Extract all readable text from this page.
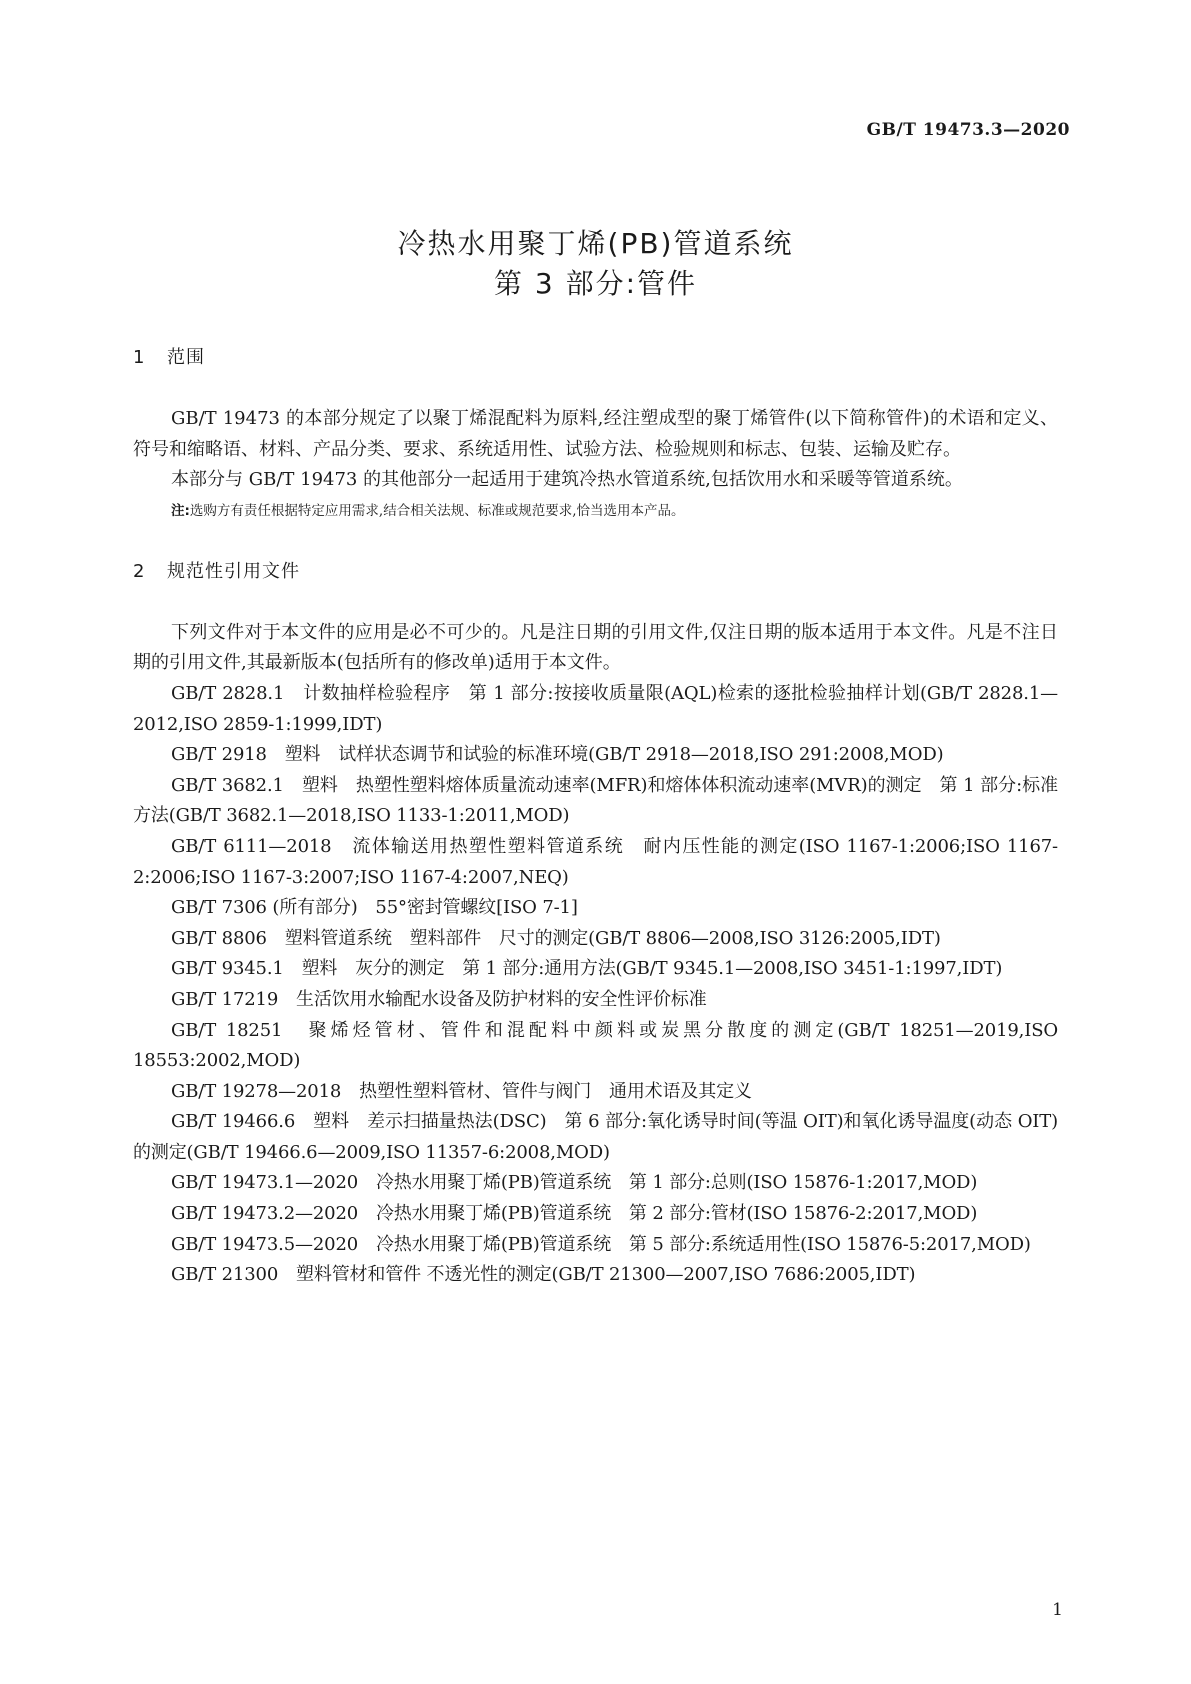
GB/T 19473.3—2020
冷热水用聚丁烯(PB)管道系统
第 3 部分:管件
1 范围

GB/T 19473 的本部分规定了以聚丁烯混配料为原料,经注塑成型的聚丁烯管件(以下简称管件)的术语和定义、符号和缩略语、材料、产品分类、要求、系统适用性、试验方法、检验规则和标志、包装、运输及贮存。

本部分与 GB/T 19473 的其他部分一起适用于建筑冷热水管道系统,包括饮用水和采暖等管道系统。

注:选购方有责任根据特定应用需求,结合相关法规、标准或规范要求,恰当选用本产品。

2 规范性引用文件

下列文件对于本文件的应用是必不可少的。凡是注日期的引用文件,仅注日期的版本适用于本文件。凡是不注日期的引用文件,其最新版本(包括所有的修改单)适用于本文件。

GB/T 2828.1　计数抽样检验程序　第 1 部分:按接收质量限(AQL)检索的逐批检验抽样计划(GB/T 2828.1—2012,ISO 2859-1:1999,IDT)

GB/T 2918　塑料　试样状态调节和试验的标准环境(GB/T 2918—2018,ISO 291:2008,MOD)

GB/T 3682.1　塑料　热塑性塑料熔体质量流动速率(MFR)和熔体体积流动速率(MVR)的测定　第 1 部分:标准方法(GB/T 3682.1—2018,ISO 1133-1:2011,MOD)

GB/T 6111—2018　流体输送用热塑性塑料管道系统　耐内压性能的测定(ISO 1167-1:2006;ISO 1167-2:2006;ISO 1167-3:2007;ISO 1167-4:2007,NEQ)

GB/T 7306 (所有部分)　55°密封管螺纹[ISO 7-1]

GB/T 8806　塑料管道系统　塑料部件　尺寸的测定(GB/T 8806—2008,ISO 3126:2005,IDT)

GB/T 9345.1　塑料　灰分的测定　第 1 部分:通用方法(GB/T 9345.1—2008,ISO 3451-1:1997,IDT)

GB/T 17219　生活饮用水输配水设备及防护材料的安全性评价标准

GB/T 18251　聚烯烃管材、管件和混配料中颜料或炭黑分散度的测定(GB/T 18251—2019,ISO 18553:2002,MOD)

GB/T 19278—2018　热塑性塑料管材、管件与阀门　通用术语及其定义

GB/T 19466.6　塑料　差示扫描量热法(DSC)　第 6 部分:氧化诱导时间(等温 OIT)和氧化诱导温度(动态 OIT)的测定(GB/T 19466.6—2009,ISO 11357-6:2008,MOD)

GB/T 19473.1—2020　冷热水用聚丁烯(PB)管道系统　第 1 部分:总则(ISO 15876-1:2017,MOD)

GB/T 19473.2—2020　冷热水用聚丁烯(PB)管道系统　第 2 部分:管材(ISO 15876-2:2017,MOD)

GB/T 19473.5—2020　冷热水用聚丁烯(PB)管道系统　第 5 部分:系统适用性(ISO 15876-5:2017,MOD)

GB/T 21300　塑料管材和管件 不透光性的测定(GB/T 21300—2007,ISO 7686:2005,IDT)

1
